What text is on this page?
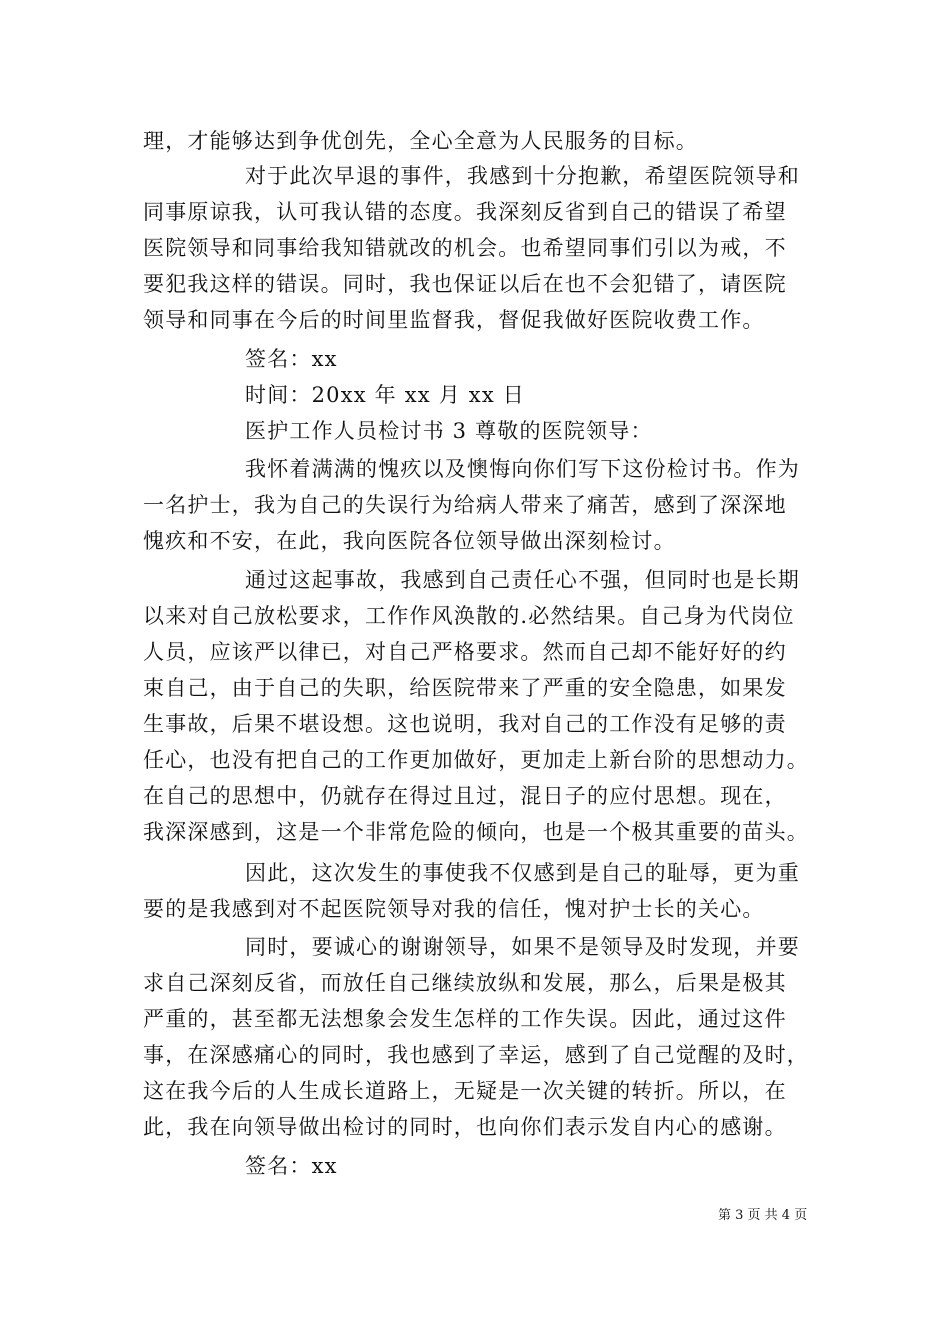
理，才能够达到争优创先，全心全意为人民服务的目标。
对于此次早退的事件，我感到十分抱歉，希望医院领导和
同事原谅我，认可我认错的态度。我深刻反省到自己的错误了希望
医院领导和同事给我知错就改的机会。也希望同事们引以为戒，不
要犯我这样的错误。同时，我也保证以后在也不会犯错了，请医院
领导和同事在今后的时间里监督我，督促我做好医院收费工作。
签名：xx
时间：20xx 年 xx 月 xx 日
医护工作人员检讨书 3 尊敬的医院领导：
我怀着满满的愧疚以及懊悔向你们写下这份检讨书。作为
一名护士，我为自己的失误行为给病人带来了痛苦，感到了深深地
愧疚和不安，在此，我向医院各位领导做出深刻检讨。
通过这起事故，我感到自己责任心不强，但同时也是长期
以来对自己放松要求，工作作风涣散的.必然结果。自己身为代岗位
人员，应该严以律已，对自己严格要求。然而自己却不能好好的约
束自己，由于自己的失职，给医院带来了严重的安全隐患，如果发
生事故，后果不堪设想。这也说明，我对自己的工作没有足够的责
任心，也没有把自己的工作更加做好，更加走上新台阶的思想动力。
在自己的思想中，仍就存在得过且过，混日子的应付思想。现在，
我深深感到，这是一个非常危险的倾向，也是一个极其重要的苗头。
因此，这次发生的事使我不仅感到是自己的耻辱，更为重
要的是我感到对不起医院领导对我的信任，愧对护士长的关心。
同时，要诚心的谢谢领导，如果不是领导及时发现，并要
求自己深刻反省，而放任自己继续放纵和发展，那么，后果是极其
严重的，甚至都无法想象会发生怎样的工作失误。因此，通过这件
事，在深感痛心的同时，我也感到了幸运，感到了自己觉醒的及时，
这在我今后的人生成长道路上，无疑是一次关键的转折。所以，在
此，我在向领导做出检讨的同时，也向你们表示发自内心的感谢。
签名：xx
第 3 页 共 4 页
